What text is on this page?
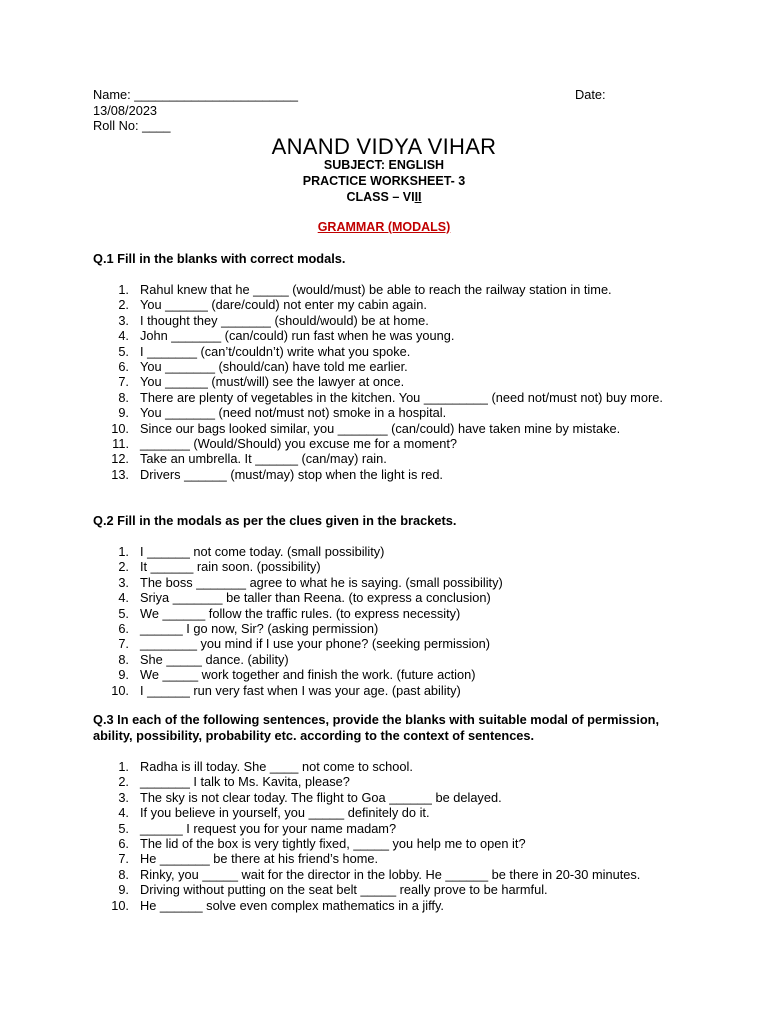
Name: _______________________	Date:
13/08/2023
Roll No: ____
ANAND VIDYA VIHAR
SUBJECT: ENGLISH
PRACTICE WORKSHEET- 3
CLASS – VIII
GRAMMAR (MODALS)
Q.1 Fill in the blanks with correct modals.
1. Rahul knew that he _____ (would/must) be able to reach the railway station in time.
2. You ______ (dare/could) not enter my cabin again.
3. I thought they _______ (should/would) be at home.
4. John _______ (can/could) run fast when he was young.
5. I _______ (can’t/couldn’t) write what you spoke.
6. You _______ (should/can) have told me earlier.
7. You ______ (must/will) see the lawyer at once.
8. There are plenty of vegetables in the kitchen. You _________ (need not/must not) buy more.
9. You _______ (need not/must not) smoke in a hospital.
10. Since our bags looked similar, you _______ (can/could) have taken mine by mistake.
11. _______ (Would/Should) you excuse me for a moment?
12. Take an umbrella. It ______ (can/may) rain.
13. Drivers ______ (must/may) stop when the light is red.
Q.2 Fill in the modals as per the clues given in the brackets.
1. I ______ not come today. (small possibility)
2. It ______ rain soon. (possibility)
3. The boss _______ agree to what he is saying. (small possibility)
4. Sriya _______ be taller than Reena. (to express a conclusion)
5. We ______ follow the traffic rules. (to express necessity)
6. ______ I go now, Sir? (asking permission)
7. ________ you mind if I use your phone? (seeking permission)
8. She _____ dance. (ability)
9. We _____ work together and finish the work. (future action)
10. I ______ run very fast when I was your age. (past ability)
Q.3 In each of the following sentences, provide the blanks with suitable modal of permission, ability, possibility, probability etc. according to the context of sentences.
1. Radha is ill today. She ____ not come to school.
2. _______ I talk to Ms. Kavita, please?
3. The sky is not clear today. The flight to Goa ______ be delayed.
4. If you believe in yourself, you _____ definitely do it.
5. ______ I request you for your name madam?
6. The lid of the box is very tightly fixed, _____ you help me to open it?
7. He _______ be there at his friend’s home.
8. Rinky, you _____ wait for the director in the lobby. He ______ be there in 20-30 minutes.
9. Driving without putting on the seat belt _____ really prove to be harmful.
10. He ______ solve even complex mathematics in a jiffy.
